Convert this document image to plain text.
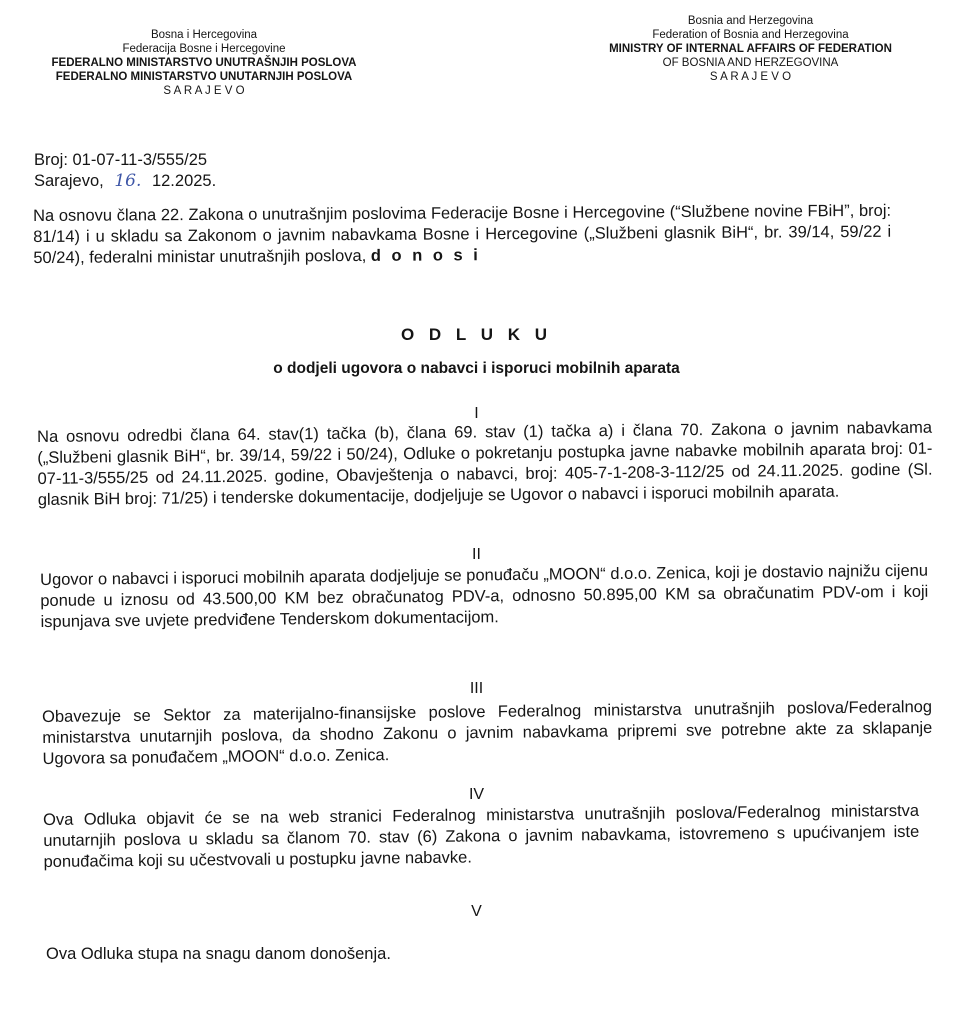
Bosna i Hercegovina
Federacija Bosne i Hercegovine
FEDERALNO MINISTARSTVO UNUTRAŠNJIH POSLOVA
FEDERALNO MINISTARSTVO UNUTARNJIH POSLOVA
S A R A J E V O
Bosnia and Herzegovina
Federation of Bosnia and Herzegovina
MINISTRY OF INTERNAL AFFAIRS OF FEDERATION
OF BOSNIA AND HERZEGOVINA
S A R A J E V O
Broj: 01-07-11-3/555/25
Sarajevo, 16. 12.2025.
Na osnovu člana 22. Zakona o unutrašnjim poslovima Federacije Bosne i Hercegovine (“Službene novine FBiH”, broj: 81/14) i u skladu sa Zakonom o javnim nabavkama Bosne i Hercegovine („Službeni glasnik BiH“, br. 39/14, 59/22 i 50/24), federalni ministar unutrašnjih poslova, d o n o s i
O D L U K U
o dodjeli ugovora o nabavci i isporuci mobilnih aparata
I
Na osnovu odredbi člana 64. stav(1) tačka (b), člana 69. stav (1) tačka a) i člana 70. Zakona o javnim nabavkama („Službeni glasnik BiH“, br. 39/14, 59/22 i 50/24), Odluke o pokretanju postupka javne nabavke mobilnih aparata broj: 01-07-11-3/555/25 od 24.11.2025. godine, Obavještenja o nabavci, broj: 405-7-1-208-3-112/25 od 24.11.2025. godine (Sl. glasnik BiH broj: 71/25) i tenderske dokumentacije, dodjeljuje se Ugovor o nabavci i isporuci mobilnih aparata.
II
Ugovor o nabavci i isporuci mobilnih aparata dodjeljuje se ponuđaču „MOON“ d.o.o. Zenica, koji je dostavio najnižu cijenu ponude u iznosu od 43.500,00 KM bez obračunatog PDV-a, odnosno 50.895,00 KM sa obračunatim PDV-om i koji ispunjava sve uvjete predviđene Tenderskom dokumentacijom.
III
Obavezuje se Sektor za materijalno-finansijske poslove Federalnog ministarstva unutrašnjih poslova/Federalnog ministarstva unutarnjih poslova, da shodno Zakonu o javnim nabavkama pripremi sve potrebne akte za sklapanje Ugovora sa ponuđačem „MOON“ d.o.o. Zenica.
IV
Ova Odluka objavit će se na web stranici Federalnog ministarstva unutrašnjih poslova/Federalnog ministarstva unutarnjih poslova u skladu sa članom 70. stav (6) Zakona o javnim nabavkama, istovremeno s upućivanjem iste ponuđačima koji su učestvovali u postupku javne nabavke.
V
Ova Odluka stupa na snagu danom donošenja.
